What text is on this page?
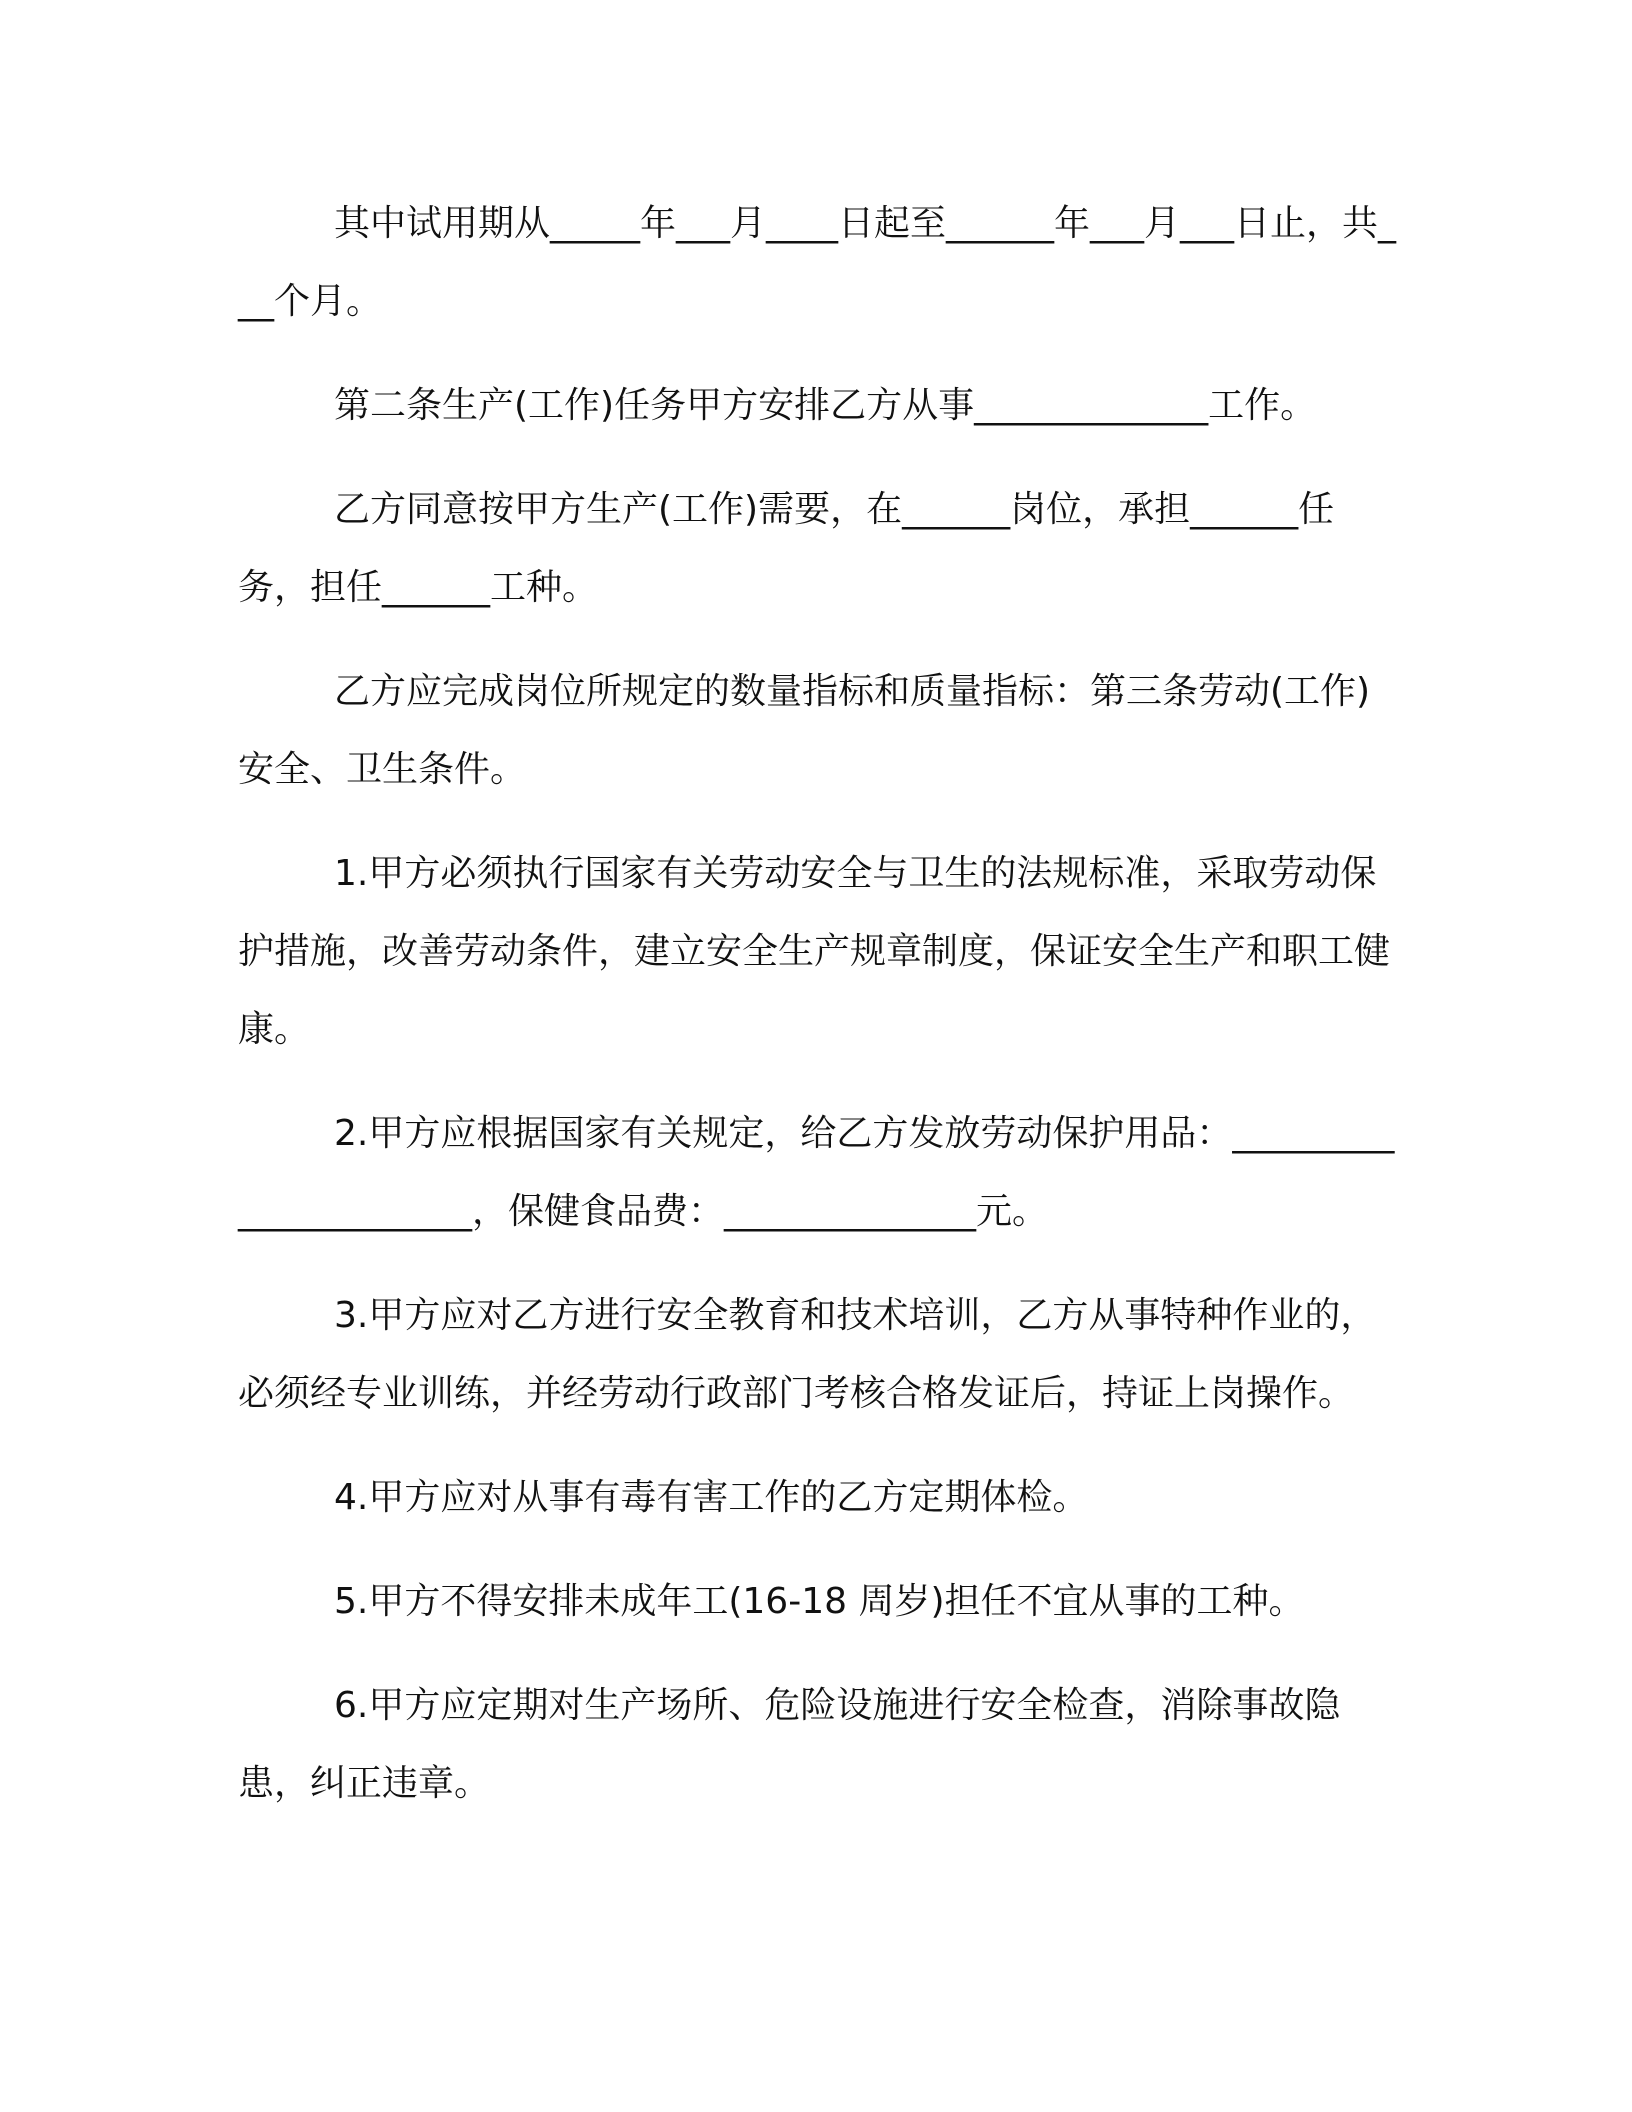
其中试用期从_____年___月____日起至______年___月___日止，共___个月。

第二条生产(工作)任务甲方安排乙方从事_____________工作。

乙方同意按甲方生产(工作)需要，在______岗位，承担______任务，担任______工种。

乙方应完成岗位所规定的数量指标和质量指标：第三条劳动(工作)安全、卫生条件。

1.甲方必须执行国家有关劳动安全与卫生的法规标准，采取劳动保护措施，改善劳动条件，建立安全生产规章制度，保证安全生产和职工健康。

2.甲方应根据国家有关规定，给乙方发放劳动保护用品：______________________，保健食品费：______________元。

3.甲方应对乙方进行安全教育和技术培训，乙方从事特种作业的，必须经专业训练，并经劳动行政部门考核合格发证后，持证上岗操作。

4.甲方应对从事有毒有害工作的乙方定期体检。

5.甲方不得安排未成年工(16-18 周岁)担任不宜从事的工种。

6.甲方应定期对生产场所、危险设施进行安全检查，消除事故隐患，纠正违章。
